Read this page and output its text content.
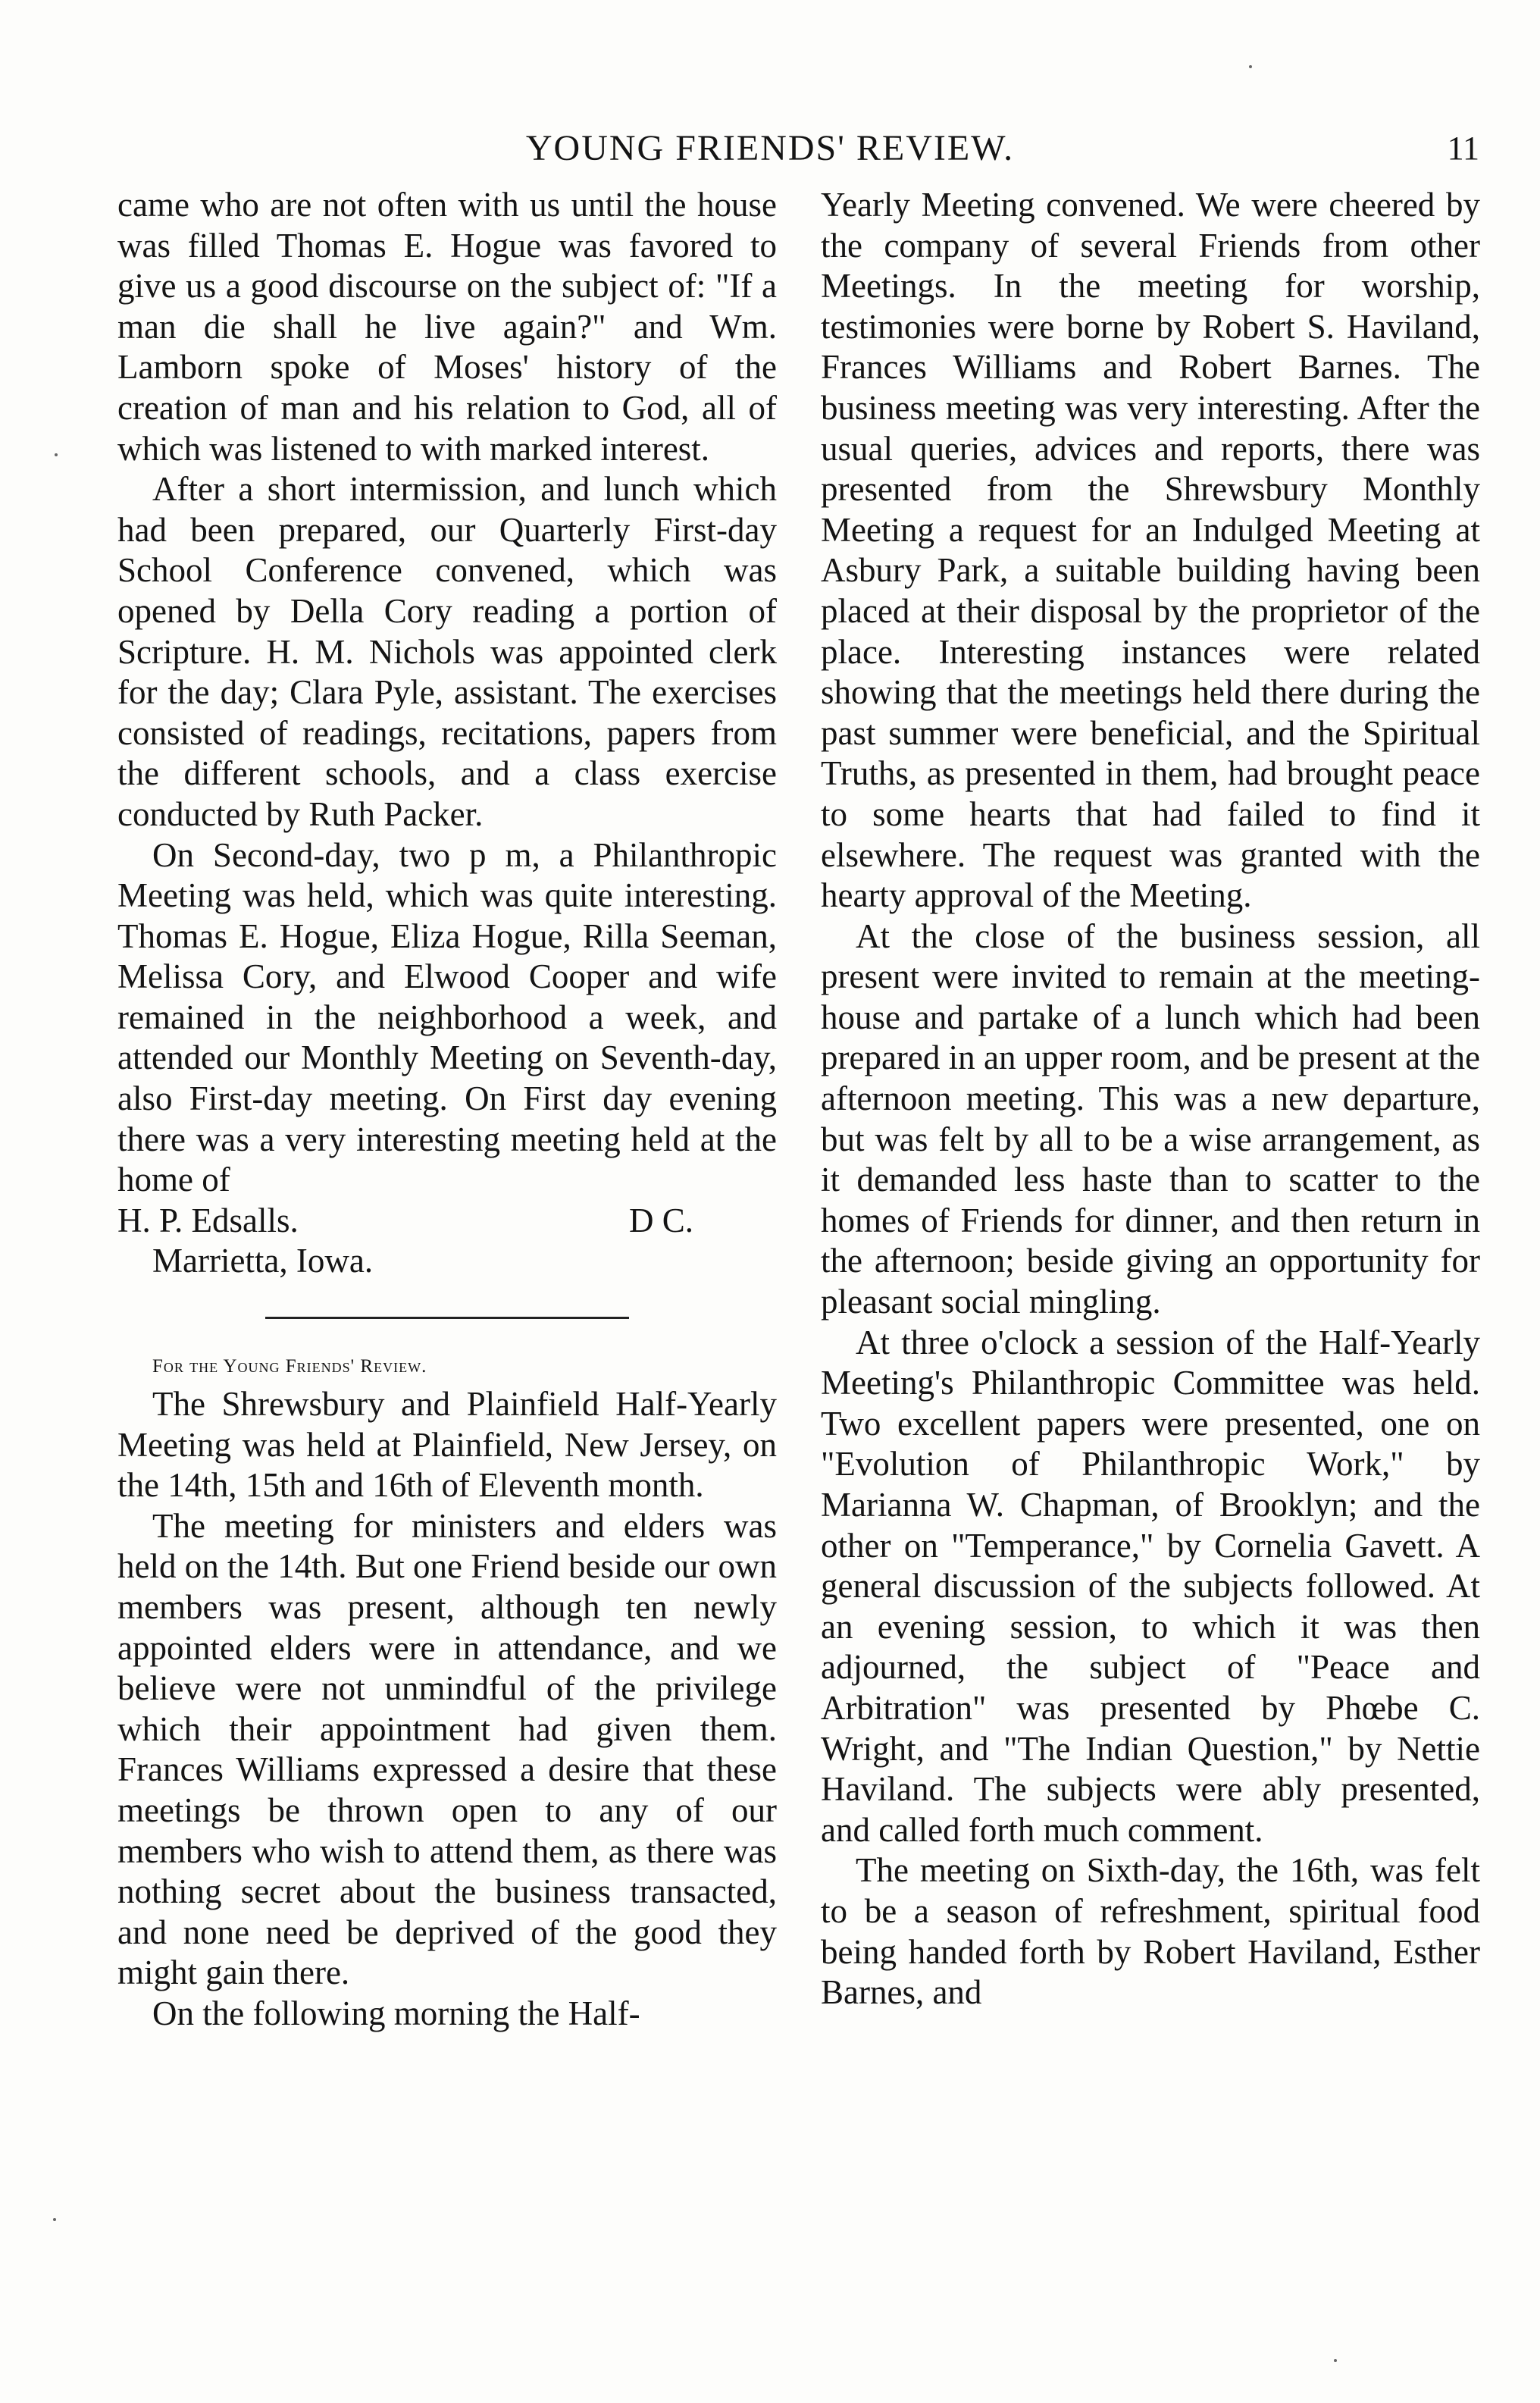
YOUNG FRIENDS' REVIEW.	11

came who are not often with us until the house was filled Thomas E. Hogue was favored to give us a good discourse on the subject of: "If a man die shall he live again?" and Wm. Lamborn spoke of Moses' history of the creation of man and his relation to God, all of which was listened to with marked interest.

After a short intermission, and lunch which had been prepared, our Quarterly First-day School Conference convened, which was opened by Della Cory reading a portion of Scripture. H. M. Nichols was appointed clerk for the day; Clara Pyle, assistant. The exercises consisted of readings, recitations, papers from the different schools, and a class exercise conducted by Ruth Packer.

On Second-day, two p m, a Philanthropic Meeting was held, which was quite interesting. Thomas E. Hogue, Eliza Hogue, Rilla Seeman, Melissa Cory, and Elwood Cooper and wife remained in the neighborhood a week, and attended our Monthly Meeting on Seventh-day, also First-day meeting. On First day evening there was a very interesting meeting held at the home of

H. P. Edsalls.	D C.

Marrietta, Iowa.

For the Young Friends' Review.

The Shrewsbury and Plainfield Half-Yearly Meeting was held at Plainfield, New Jersey, on the 14th, 15th and 16th of Eleventh month.

The meeting for ministers and elders was held on the 14th. But one Friend beside our own members was present, although ten newly appointed elders were in attendance, and we believe were not unmindful of the privilege which their appointment had given them. Frances Williams expressed a desire that these meetings be thrown open to any of our members who wish to attend them, as there was nothing secret about the business transacted, and none need be deprived of the good they might gain there.

On the following morning the Half-

Yearly Meeting convened. We were cheered by the company of several Friends from other Meetings. In the meeting for worship, testimonies were borne by Robert S. Haviland, Frances Williams and Robert Barnes. The business meeting was very interesting. After the usual queries, advices and reports, there was presented from the Shrewsbury Monthly Meeting a request for an Indulged Meeting at Asbury Park, a suitable building having been placed at their disposal by the proprietor of the place. Interesting instances were related showing that the meetings held there during the past summer were beneficial, and the Spiritual Truths, as presented in them, had brought peace to some hearts that had failed to find it elsewhere. The request was granted with the hearty approval of the Meeting.

At the close of the business session, all present were invited to remain at the meeting-house and partake of a lunch which had been prepared in an upper room, and be present at the afternoon meeting. This was a new departure, but was felt by all to be a wise arrangement, as it demanded less haste than to scatter to the homes of Friends for dinner, and then return in the afternoon; beside giving an opportunity for pleasant social mingling.

At three o'clock a session of the Half-Yearly Meeting's Philanthropic Committee was held. Two excellent papers were presented, one on "Evolution of Philanthropic Work," by Marianna W. Chapman, of Brooklyn; and the other on "Temperance," by Cornelia Gavett. A general discussion of the subjects followed. At an evening session, to which it was then adjourned, the subject of "Peace and Arbitration" was presented by Phœbe C. Wright, and "The Indian Question," by Nettie Haviland. The subjects were ably presented, and called forth much comment.

The meeting on Sixth-day, the 16th, was felt to be a season of refreshment, spiritual food being handed forth by Robert Haviland, Esther Barnes, and
